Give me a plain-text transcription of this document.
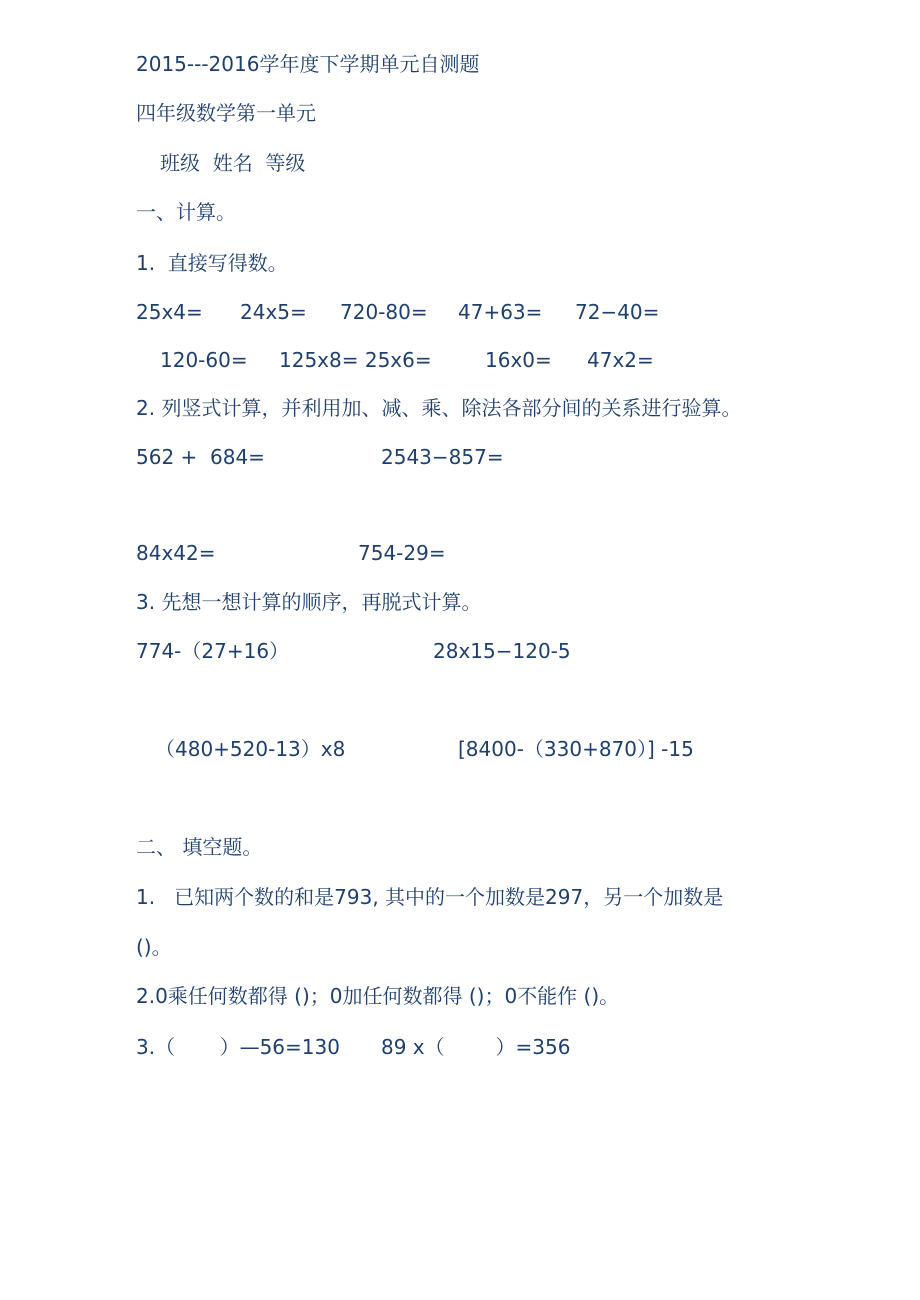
2015---2016学年度下学期单元自测题
四年级数学第一单元
班级  姓名  等级
一、计算。
1.  直接写得数。
25x4= 24x5= 720-80= 47+63= 72−40=
120-60= 125x8= 25x6=	16x0= 47x2=
2. 列竖式计算，并利用加、减、乘、除法各部分间的关系进行验算。
562 +  684=	2543−857=
84x42=	754-29=
3. 先想一想计算的顺序，再脱式计算。
774-（27+16）	28x15−120-5
（480+520-13）x8	[8400-（330+870）] -15
二、 填空题。
1.   已知两个数的和是793, 其中的一个加数是297，另一个加数是
()。
2.0乘任何数都得 ()；0加任何数都得 ()；0不能作 ()。
3.（       ）—56=130 89 x（        ）=356
